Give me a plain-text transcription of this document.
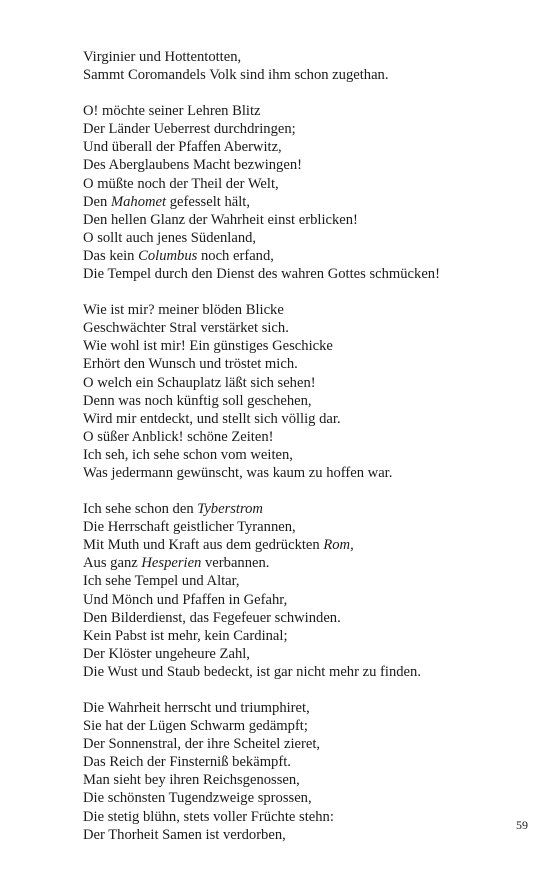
Virginier und Hottentotten,
Sammt Coromandels Volk sind ihm schon zugethan.
O! möchte seiner Lehren Blitz
Der Länder Ueberrest durchdringen;
Und überall der Pfaffen Aberwitz,
Des Aberglaubens Macht bezwingen!
O müßte noch der Theil der Welt,
Den Mahomet gefesselt hält,
Den hellen Glanz der Wahrheit einst erblicken!
O sollt auch jenes Südenland,
Das kein Columbus noch erfand,
Die Tempel durch den Dienst des wahren Gottes schmücken!
Wie ist mir? meiner blöden Blicke
Geschwächter Stral verstärket sich.
Wie wohl ist mir! Ein günstiges Geschicke
Erhört den Wunsch und tröstet mich.
O welch ein Schauplatz läßt sich sehen!
Denn was noch künftig soll geschehen,
Wird mir entdeckt, und stellt sich völlig dar.
O süßer Anblick! schöne Zeiten!
Ich seh, ich sehe schon vom weiten,
Was jedermann gewünscht, was kaum zu hoffen war.
Ich sehe schon den Tyberstrom
Die Herrschaft geistlicher Tyrannen,
Mit Muth und Kraft aus dem gedrückten Rom,
Aus ganz Hesperien verbannen.
Ich sehe Tempel und Altar,
Und Mönch und Pfaffen in Gefahr,
Den Bilderdienst, das Fegefeuer schwinden.
Kein Pabst ist mehr, kein Cardinal;
Der Klöster ungeheure Zahl,
Die Wust und Staub bedeckt, ist gar nicht mehr zu finden.
Die Wahrheit herrscht und triumphiret,
Sie hat der Lügen Schwarm gedämpft;
Der Sonnenstral, der ihre Scheitel zieret,
Das Reich der Finsterniß bekämpft.
Man sieht bey ihren Reichsgenossen,
Die schönsten Tugendzweige sprossen,
Die stetig blühn, stets voller Früchte stehn:
Der Thorheit Samen ist verdorben,
59
